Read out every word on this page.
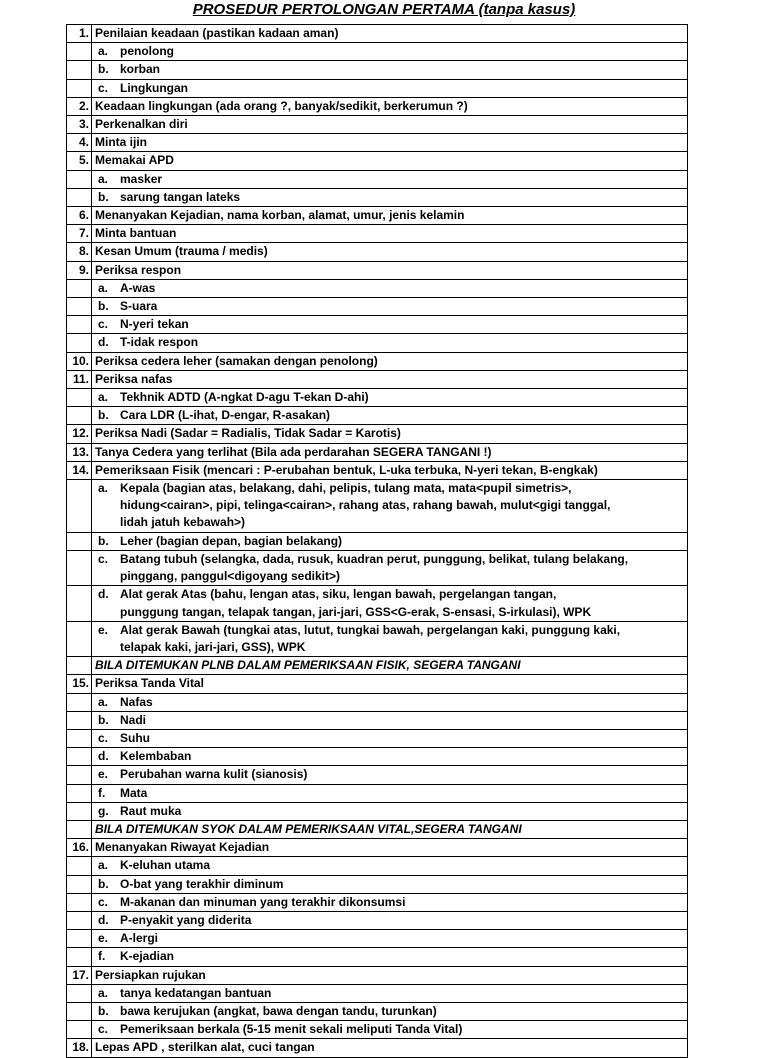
PROSEDUR PERTOLONGAN PERTAMA (tanpa kasus)
1.	Penilaian keadaan (pastikan kadaan aman)

	a. penolong

	b. korban

	c. Lingkungan

2.	Keadaan lingkungan (ada orang ?, banyak/sedikit, berkerumun ?)
3.	Perkenalkan diri
4.	Minta ijin
5.	Memakai APD

	a. masker

	b. sarung tangan lateks

6.	Menanyakan Kejadian, nama korban, alamat, umur, jenis kelamin
7.	Minta bantuan
8.	Kesan Umum (trauma / medis)
9.	Periksa respon

	a. A-was

	b. S-uara

	c. N-yeri tekan

	d. T-idak respon

10.	Periksa cedera leher (samakan dengan penolong)
11.	Periksa nafas

	a. Tekhnik ADTD (A-ngkat D-agu T-ekan D-ahi)

	b. Cara LDR (L-ihat, D-engar, R-asakan)

12.	Periksa Nadi (Sadar = Radialis, Tidak Sadar = Karotis)
13.	Tanya Cedera yang terlihat (Bila ada perdarahan SEGERA TANGANI !)
14.	Pemeriksaan Fisik (mencari : P-erubahan bentuk, L-uka terbuka, N-yeri tekan, B-engkak)

	a. Kepala (bagian atas, belakang, dahi, pelipis, tulang mata, mata<pupil simetris>,
hidung<cairan>, pipi, telinga<cairan>, rahang atas, rahang bawah, mulut<gigi tanggal,
lidah jatuh kebawah>)

	b. Leher (bagian depan, bagian belakang)

	c. Batang tubuh (selangka, dada, rusuk, kuadran perut, punggung, belikat, tulang belakang,
pinggang, panggul<digoyang sedikit>)

	d. Alat gerak Atas (bahu, lengan atas, siku, lengan bawah, pergelangan tangan,
punggung tangan, telapak tangan, jari-jari, GSS<G-erak, S-ensasi, S-irkulasi), WPK

	e. Alat gerak Bawah (tungkai atas, lutut, tungkai bawah, pergelangan kaki, punggung kaki,
telapak kaki, jari-jari, GSS), WPK

	BILA DITEMUKAN PLNB DALAM PEMERIKSAAN FISIK, SEGERA TANGANI
15.	Periksa Tanda Vital

	a. Nafas

	b. Nadi

	c. Suhu

	d. Kelembaban

	e. Perubahan warna kulit (sianosis)

	f. Mata

	g. Raut muka

	BILA DITEMUKAN SYOK DALAM PEMERIKSAAN VITAL,SEGERA TANGANI
16.	Menanyakan Riwayat Kejadian

	a. K-eluhan utama

	b. O-bat yang terakhir diminum

	c. M-akanan dan minuman yang terakhir dikonsumsi

	d. P-enyakit yang diderita

	e. A-lergi

	f. K-ejadian

17.	Persiapkan rujukan

	a. tanya kedatangan bantuan

	b. bawa kerujukan (angkat, bawa dengan tandu, turunkan)

	c. Pemeriksaan berkala (5-15 menit sekali meliputi Tanda Vital)

18.	Lepas APD , sterilkan alat, cuci tangan
